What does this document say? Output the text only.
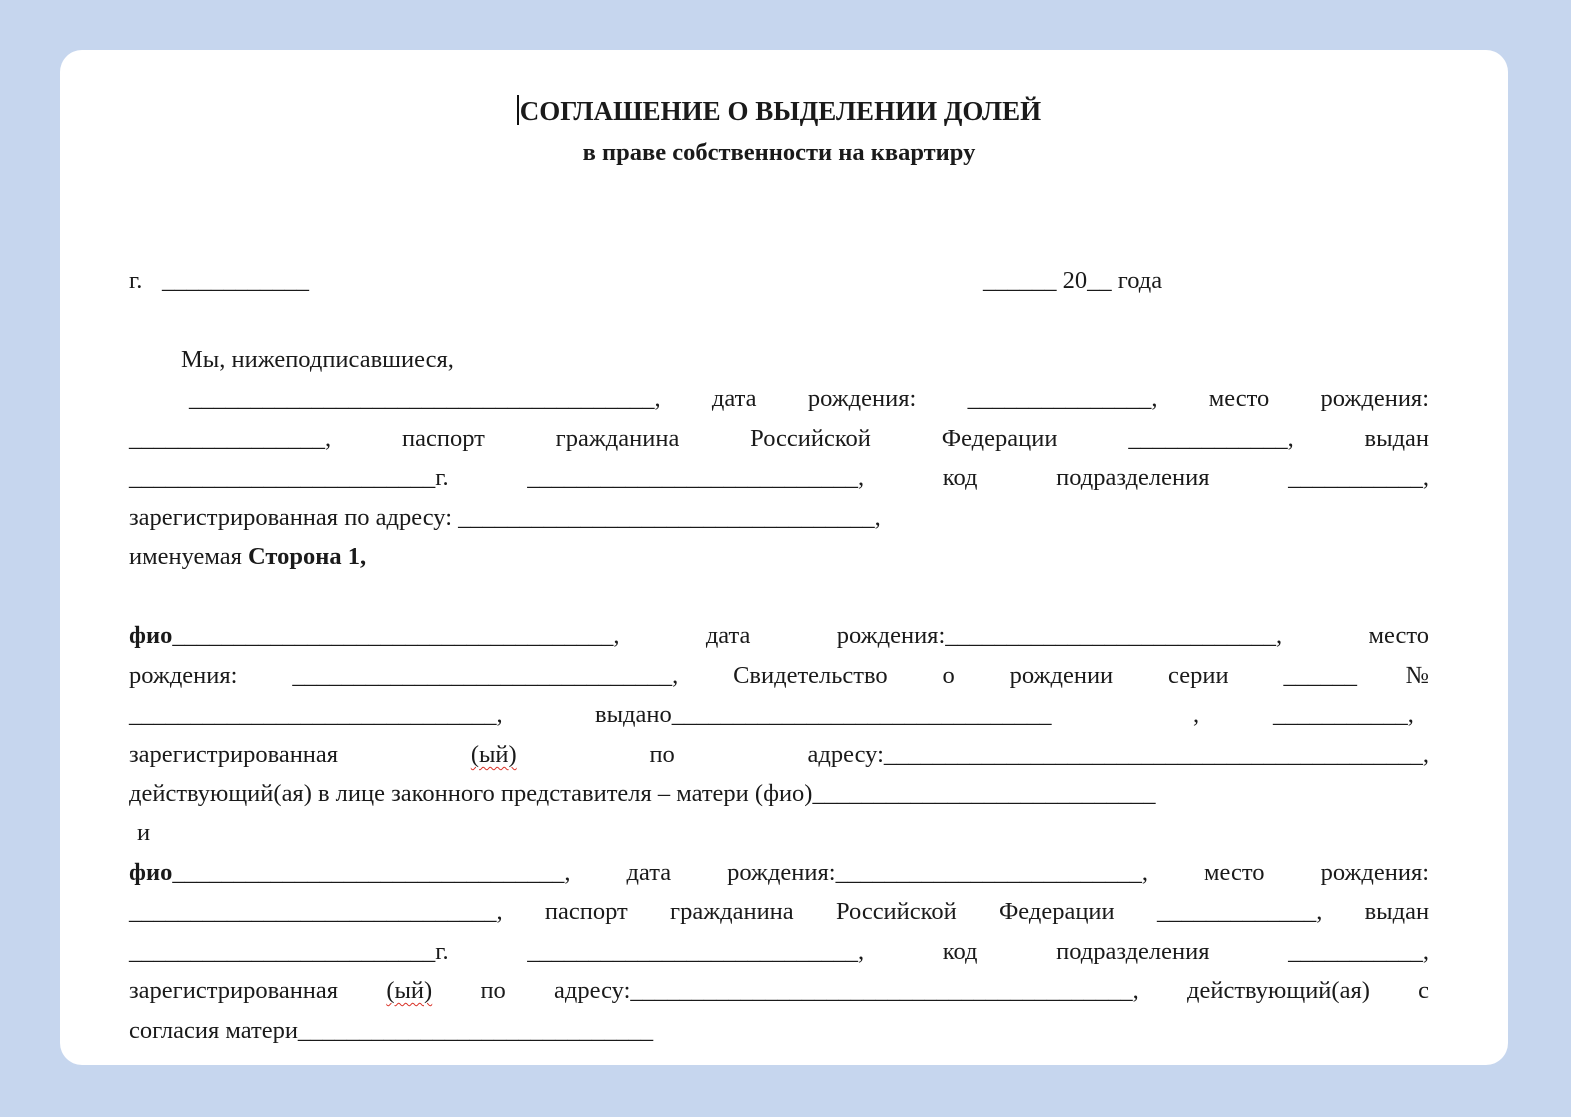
СОГЛАШЕНИЕ О ВЫДЕЛЕНИИ ДОЛЕЙ
в праве собственности на квартиру
г. ____________	______ 20__ года
Мы, нижеподписавшиеся,
______________________________________, дата рождения: _______________, место рождения:
________________,	паспорт	гражданина	Российской	Федерации	_____________,	выдан
_________________________г.	___________________________,	код	подразделения	___________,
зарегистрированная по адресу: __________________________________,
именуемая Сторона 1,
фио____________________________________,	дата	рождения:___________________________,	место
рождения: _______________________________, Свидетельство о рождении серии ______№
______________________________,	выдано_______________________________	,	___________,
зарегистрированная	(ый)	по	адресу:____________________________________________,
действующий(ая) в лице законного представителя – матери (фио)____________________________
и
фио________________________________, дата рождения:_________________________, место рождения:
______________________________, паспорт гражданина Российской Федерации _____________, выдан
_________________________г.	___________________________,	код	подразделения	___________,
зарегистрированная (ый) по адресу:_________________________________________, действующий(ая) с
согласия матери_____________________________
